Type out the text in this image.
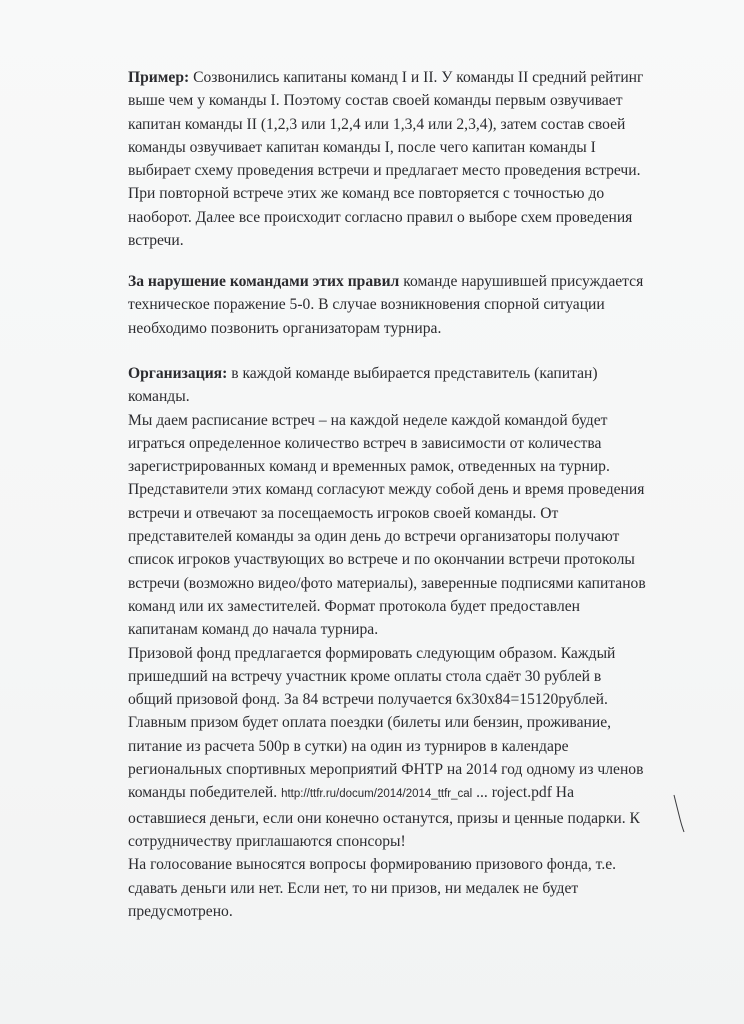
Пример: Созвонились капитаны команд I и II. У команды II средний рейтинг
выше чем у команды I. Поэтому состав своей команды первым озвучивает
капитан команды II (1,2,3 или 1,2,4 или 1,3,4 или 2,3,4), затем состав своей
команды озвучивает капитан команды I, после чего капитан команды I
выбирает схему проведения встречи и предлагает место проведения встречи.
При повторной встрече этих же команд все повторяется с точностью до
наоборот. Далее все происходит согласно правил о выборе схем проведения
встречи.
За нарушение командами этих правил команде нарушившей присуждается
техническое поражение 5-0. В случае возникновения спорной ситуации
необходимо позвонить организаторам турнира.
Организация: в каждой команде выбирается представитель (капитан)
команды.
Мы даем расписание встреч – на каждой неделе каждой командой будет
играться определенное количество встреч в зависимости от количества
зарегистрированных команд и временных рамок, отведенных на турнир.
Представители этих команд согласуют между собой день и время проведения
встречи и отвечают за посещаемость игроков своей команды. От
представителей команды за один день до встречи организаторы получают
список игроков участвующих во встрече и по окончании встречи протоколы
встречи (возможно видео/фото материалы), заверенные подписями капитанов
команд или их заместителей. Формат протокола будет предоставлен
капитанам команд до начала турнира.
Призовой фонд предлагается формировать следующим образом. Каждый
пришедший на встречу участник кроме оплаты стола сдаёт 30 рублей в
общий призовой фонд. За 84 встречи получается 6х30х84=15120рублей.
Главным призом будет оплата поездки (билеты или бензин, проживание,
питание из расчета 500р в сутки) на один из турниров в календаре
региональных спортивных мероприятий ФНТР на 2014 год одному из членов
команды победителей. http://ttfr.ru/docum/2014/2014_ttfr_cal ... roject.pdf На
оставшиеся деньги, если они конечно останутся, призы и ценные подарки. К
сотрудничеству приглашаются спонсоры!
На голосование выносятся вопросы формированию призового фонда, т.е.
сдавать деньги или нет. Если нет, то ни призов, ни медалек не будет
предусмотрено.
